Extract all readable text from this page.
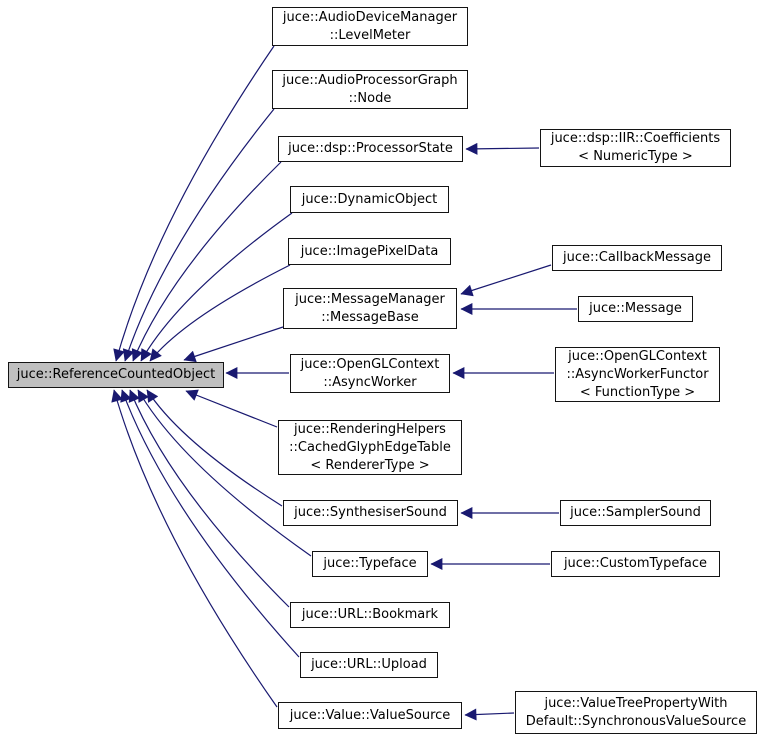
juce::ReferenceCountedObject
juce::AudioDeviceManager
::LevelMeter
juce::AudioProcessorGraph
::Node
juce::dsp::ProcessorState
juce::dsp::IIR::Coefficients
< NumericType >
juce::DynamicObject
juce::ImagePixelData	juce::CallbackMessage
juce::MessageManager
::MessageBase
juce::Message
juce::OpenGLContext
::AsyncWorker
juce::OpenGLContext
::AsyncWorkerFunctor
< FunctionType >
juce::RenderingHelpers
::CachedGlyphEdgeTable
< RendererType >
juce::SynthesiserSound	juce::SamplerSound
juce::Typeface	juce::CustomTypeface
juce::URL::Bookmark
juce::URL::Upload
juce::Value::ValueSource
juce::ValueTreePropertyWith
Default::SynchronousValueSource
